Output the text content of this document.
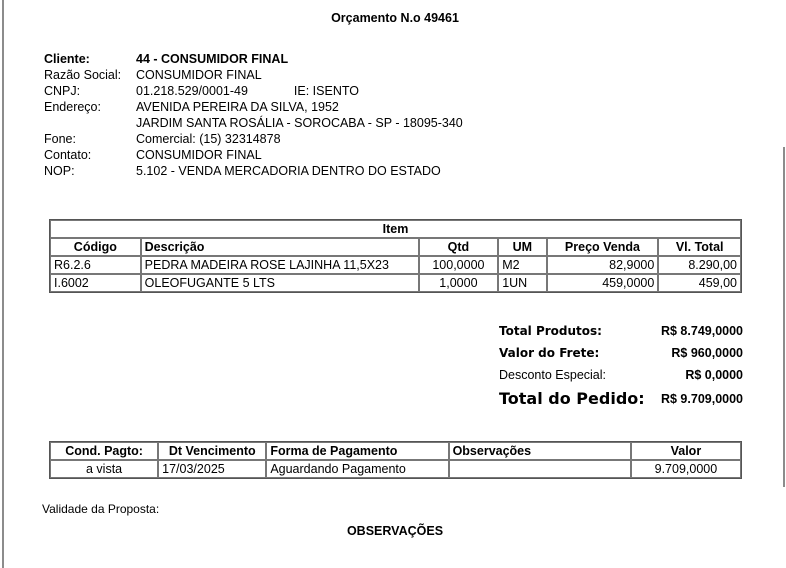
Orçamento N.o 49461
Cliente:	44 - CONSUMIDOR FINAL
Razão Social:	CONSUMIDOR FINAL
CNPJ:	01.218.529/0001-49	IE: ISENTO
Endereço:	AVENIDA PEREIRA DA SILVA, 1952
JARDIM SANTA ROSÁLIA - SOROCABA - SP - 18095-340
Fone:	Comercial: (15) 32314878
Contato:	CONSUMIDOR FINAL
NOP:	5.102 - VENDA MERCADORIA DENTRO DO ESTADO
Item					
Código	Descrição	Qtd	UM	Preço Venda	Vl. Total
R6.2.6	PEDRA MADEIRA ROSE LAJINHA 11,5X23	100,0000	M2	82,9000	8.290,00
I.6002	OLEOFUGANTE 5 LTS	1,0000	1UN	459,0000	459,00
Total Produtos:	R$ 8.749,0000
Valor do Frete:	R$ 960,0000
Desconto Especial:	R$ 0,0000
Total do Pedido: R$ 9.709,0000
Cond. Pagto:	Dt Vencimento	Forma de Pagamento	Observações	Valor
a vista	17/03/2025	Aguardando Pagamento		9.709,0000
Validade da Proposta:
OBSERVAÇÕES
